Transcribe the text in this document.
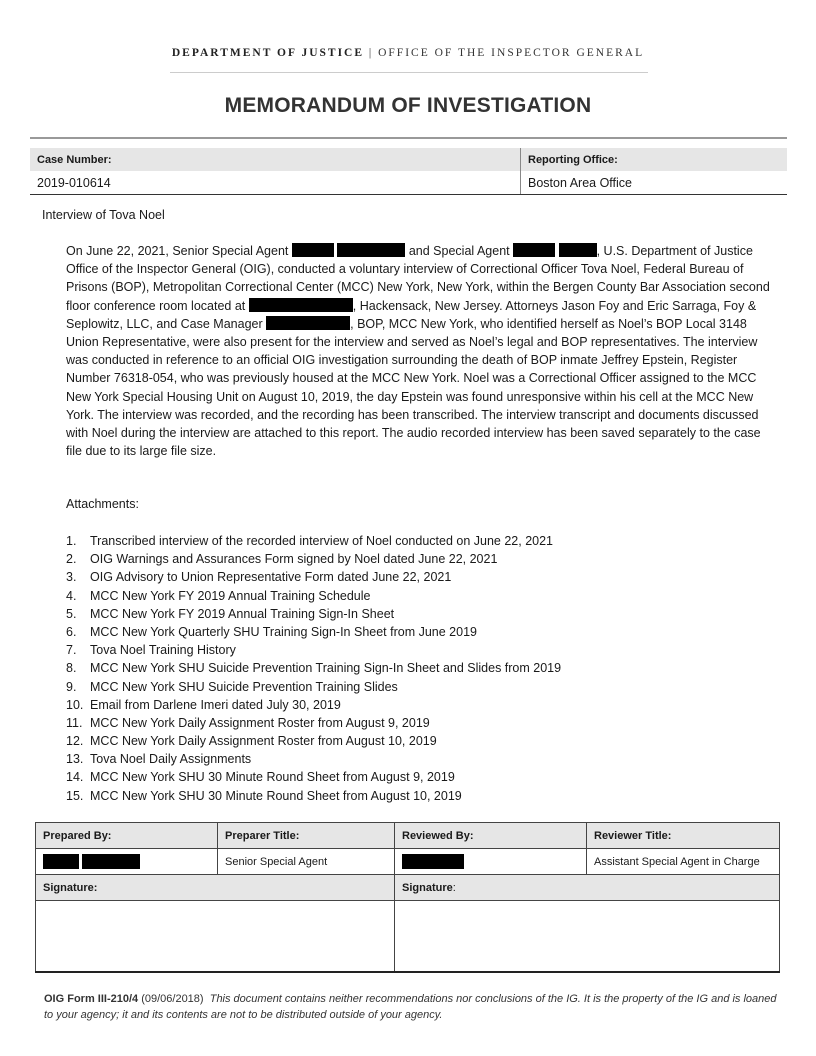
DEPARTMENT OF JUSTICE | OFFICE OF THE INSPECTOR GENERAL
MEMORANDUM OF INVESTIGATION
Case Number:	Reporting Office:
2019-010614	Boston Area Office
Interview of Tova Noel
On June 22, 2021, Senior Special Agent	and Special Agent	, U.S. Department of Justice Office of the Inspector General (OIG), conducted a voluntary interview of Correctional Officer Tova Noel, Federal Bureau of Prisons (BOP), Metropolitan Correctional Center (MCC) New York, New York, within the Bergen County Bar Association second floor conference room located at	, Hackensack, New Jersey. Attorneys Jason Foy and Eric Sarraga, Foy & Seplowitz, LLC, and Case Manager	, BOP, MCC New York, who identified herself as Noel’s BOP Local 3148 Union Representative, were also present for the interview and served as Noel’s legal and BOP representatives. The interview was conducted in reference to an official OIG investigation surrounding the death of BOP inmate Jeffrey Epstein, Register Number 76318-054, who was previously housed at the MCC New York. Noel was a Correctional Officer assigned to the MCC New York Special Housing Unit on August 10, 2019, the day Epstein was found unresponsive within his cell at the MCC New York. The interview was recorded, and the recording has been transcribed. The interview transcript and documents discussed with Noel during the interview are attached to this report. The audio recorded interview has been saved separately to the case file due to its large file size.
Attachments:
1. Transcribed interview of the recorded interview of Noel conducted on June 22, 2021
2. OIG Warnings and Assurances Form signed by Noel dated June 22, 2021
3. OIG Advisory to Union Representative Form dated June 22, 2021
4. MCC New York FY 2019 Annual Training Schedule
5. MCC New York FY 2019 Annual Training Sign-In Sheet
6. MCC New York Quarterly SHU Training Sign-In Sheet from June 2019
7. Tova Noel Training History
8. MCC New York SHU Suicide Prevention Training Sign-In Sheet and Slides from 2019
9. MCC New York SHU Suicide Prevention Training Slides
10. Email from Darlene Imeri dated July 30, 2019
11. MCC New York Daily Assignment Roster from August 9, 2019
12. MCC New York Daily Assignment Roster from August 10, 2019
13. Tova Noel Daily Assignments
14. MCC New York SHU 30 Minute Round Sheet from August 9, 2019
15. MCC New York SHU 30 Minute Round Sheet from August 10, 2019
Prepared By:	Preparer Title:	Reviewed By:	Reviewer Title:
	Senior Special Agent		Assistant Special Agent in Charge
Signature:		Signature:	

OIG Form III-210/4 (09/06/2018) This document contains neither recommendations nor conclusions of the IG. It is the property of the IG and is loaned to your agency; it and its contents are not to be distributed outside of your agency.
